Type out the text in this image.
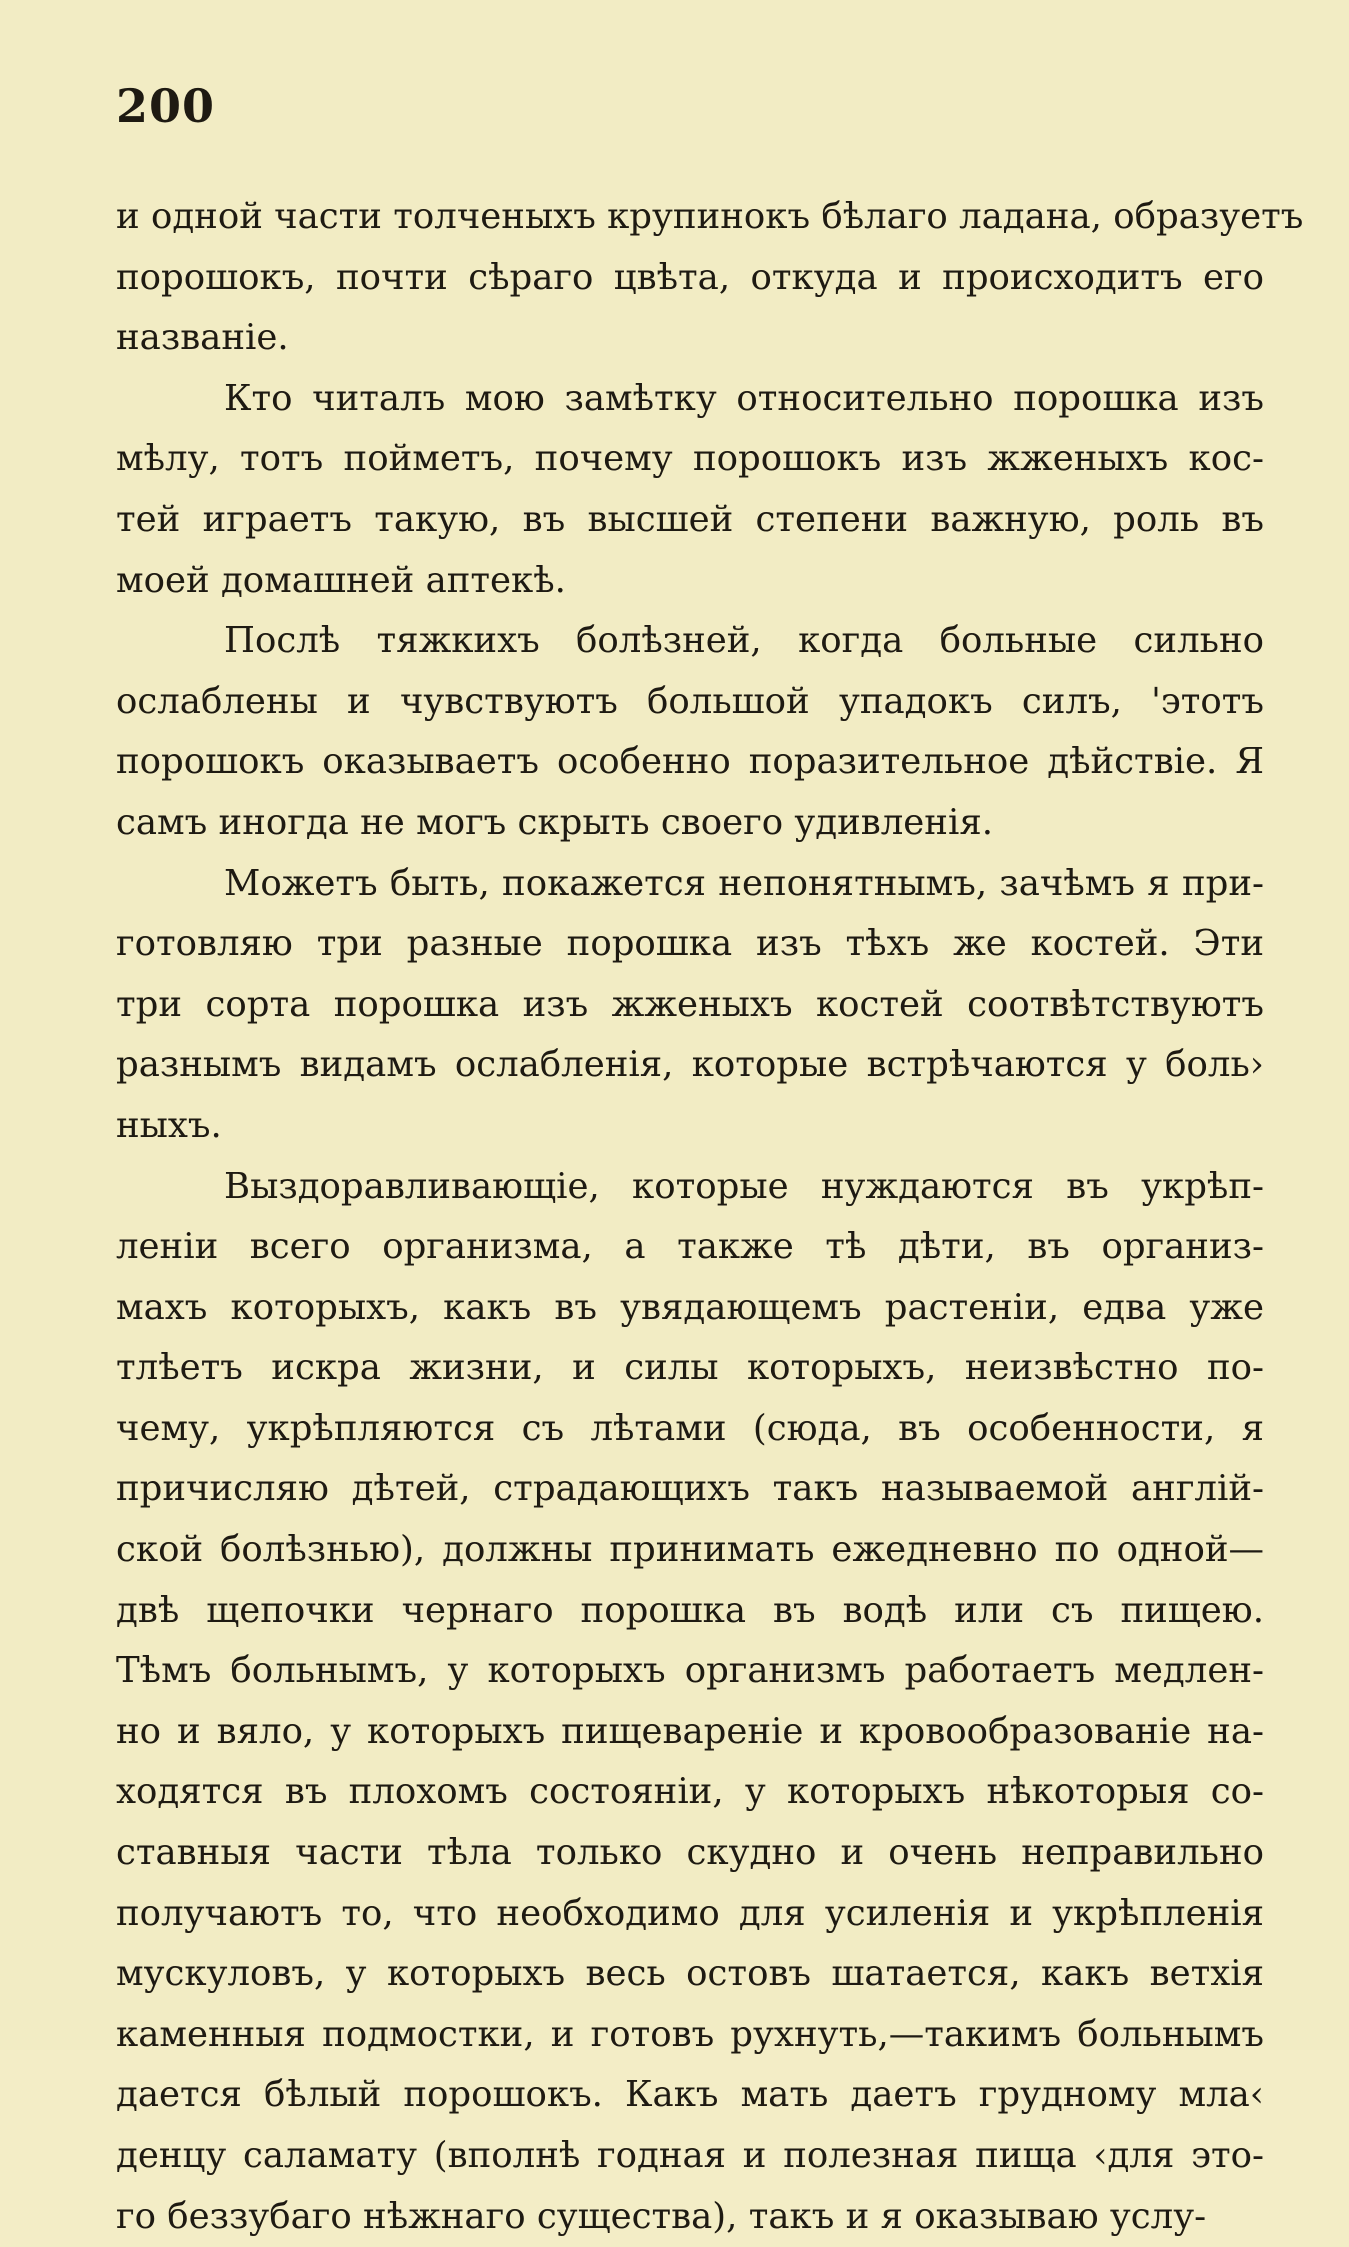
200
и одной части толченыхъ крупинокъ бѣлаго ладана, образуетъ
порошокъ, почти сѣраго цвѣта, откуда и происходитъ его
названіе.
Кто читалъ мою замѣтку относительно порошка изъ
мѣлу, тотъ пойметъ, почему порошокъ изъ жженыхъ кос-
тей играетъ такую, въ высшей степени важную, роль въ
моей домашней аптекѣ.
Послѣ тяжкихъ болѣзней, когда больные сильно
ослаблены и чувствуютъ большой упадокъ силъ, 'этотъ
порошокъ оказываетъ особенно поразительное дѣйствіе. Я
самъ иногда не могъ скрыть своего удивленія.
Можетъ быть, покажется непонятнымъ, зачѣмъ я при-
готовляю три разные порошка изъ тѣхъ же костей. Эти
три сорта порошка изъ жженыхъ костей соотвѣтствуютъ
разнымъ видамъ ослабленія, которые встрѣчаются у боль›
ныхъ.
Выздоравливающіе, которые нуждаются въ укрѣп-
леніи всего организма, а также тѣ дѣти, въ организ-
махъ которыхъ, какъ въ увядающемъ растеніи, едва уже
тлѣетъ искра жизни, и силы которыхъ, неизвѣстно по-
чему, укрѣпляются съ лѣтами (сюда, въ особенности, я
причисляю дѣтей, страдающихъ такъ называемой англій-
ской болѣзнью), должны принимать ежедневно по одной—
двѣ щепочки чернаго порошка въ водѣ или съ пищею.
Тѣмъ больнымъ, у которыхъ организмъ работаетъ медлен-
но и вяло, у которыхъ пищевареніе и кровообразованіе на-
ходятся въ плохомъ состояніи, у которыхъ нѣкоторыя со-
ставныя части тѣла только скудно и очень неправильно
получаютъ то, что необходимо для усиленія и укрѣпленія
мускуловъ, у которыхъ весь остовъ шатается, какъ ветхія
каменныя подмостки, и готовъ рухнуть,—такимъ больнымъ
дается бѣлый порошокъ. Какъ мать даетъ грудному мла‹
денцу саламату (вполнѣ годная и полезная пища ‹для это-
го беззубаго нѣжнаго существа), такъ и я оказываю услу-
